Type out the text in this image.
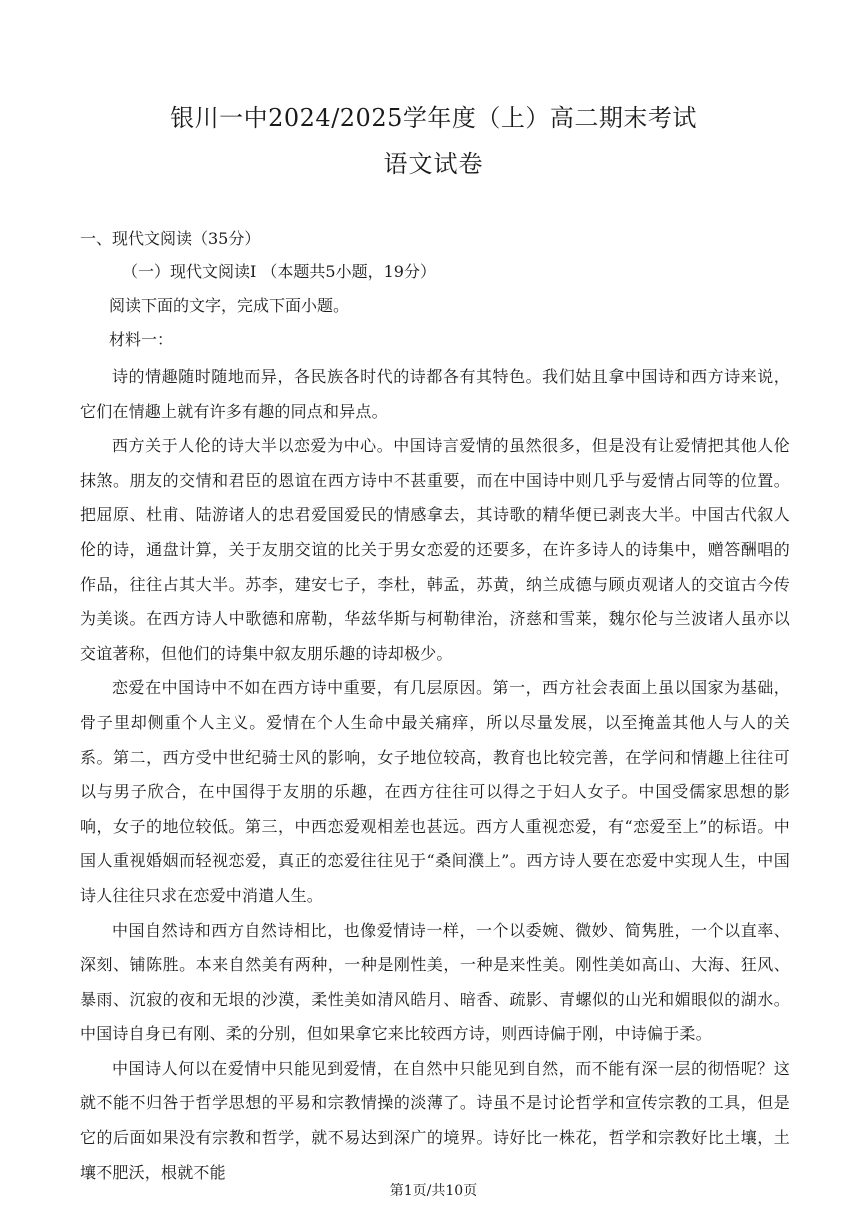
银川一中2024/2025学年度（上）高二期末考试
语文试卷
一、现代文阅读（35分）
（一）现代文阅读Ⅰ （本题共5小题，19分）
阅读下面的文字，完成下面小题。
材料一：

诗的情趣随时随地而异，各民族各时代的诗都各有其特色。我们姑且拿中国诗和西方诗来说，它们在情趣上就有许多有趣的同点和异点。

西方关于人伦的诗大半以恋爱为中心。中国诗言爱情的虽然很多，但是没有让爱情把其他人伦抹煞。朋友的交情和君臣的恩谊在西方诗中不甚重要，而在中国诗中则几乎与爱情占同等的位置。把屈原、杜甫、陆游诸人的忠君爱国爱民的情感拿去，其诗歌的精华便已剥丧大半。中国古代叙人伦的诗，通盘计算，关于友朋交谊的比关于男女恋爱的还要多，在许多诗人的诗集中，赠答酬唱的作品，往往占其大半。苏李，建安七子，李杜，韩孟，苏黄，纳兰成德与顾贞观诸人的交谊古今传为美谈。在西方诗人中歌德和席勒，华兹华斯与柯勒律治，济慈和雪莱，魏尔伦与兰波诸人虽亦以交谊著称，但他们的诗集中叙友朋乐趣的诗却极少。

恋爱在中国诗中不如在西方诗中重要，有几层原因。第一，西方社会表面上虽以国家为基础，骨子里却侧重个人主义。爱情在个人生命中最关痛痒，所以尽量发展，以至掩盖其他人与人的关系。第二，西方受中世纪骑士风的影响，女子地位较高，教育也比较完善，在学问和情趣上往往可以与男子欣合，在中国得于友朋的乐趣，在西方往往可以得之于妇人女子。中国受儒家思想的影响，女子的地位较低。第三，中西恋爱观相差也甚远。西方人重视恋爱，有“恋爱至上”的标语。中国人重视婚姻而轻视恋爱，真正的恋爱往往见于“桑间濮上”。西方诗人要在恋爱中实现人生，中国诗人往往只求在恋爱中消遣人生。

中国自然诗和西方自然诗相比，也像爱情诗一样，一个以委婉、微妙、简隽胜，一个以直率、深刻、铺陈胜。本来自然美有两种，一种是刚性美，一种是来性美。刚性美如高山、大海、狂风、暴雨、沉寂的夜和无垠的沙漠，柔性美如清风皓月、暗香、疏影、青螺似的山光和媚眼似的湖水。中国诗自身已有刚、柔的分别，但如果拿它来比较西方诗，则西诗偏于刚，中诗偏于柔。

中国诗人何以在爱情中只能见到爱情，在自然中只能见到自然，而不能有深一层的彻悟呢？这就不能不归咎于哲学思想的平易和宗教情操的淡薄了。诗虽不是讨论哲学和宣传宗教的工具，但是它的后面如果没有宗教和哲学，就不易达到深广的境界。诗好比一株花，哲学和宗教好比土壤，土壤不肥沃，根就不能

第1页/共10页
